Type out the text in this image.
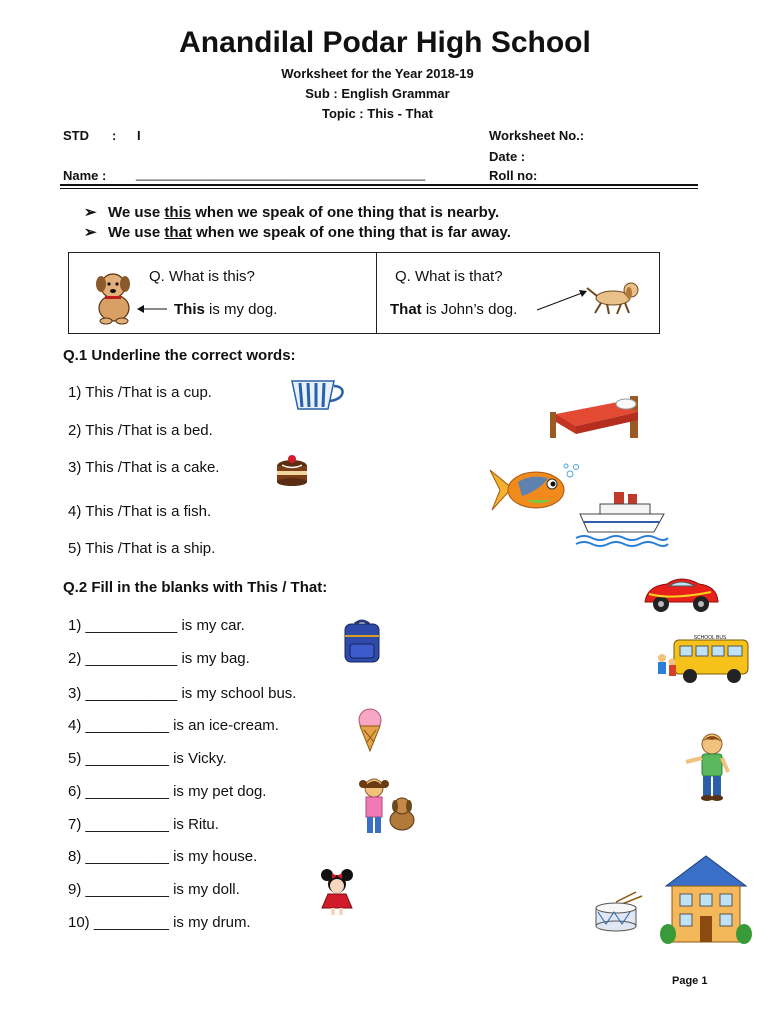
Anandilal Podar High School
Worksheet for the Year 2018-19
Sub : English Grammar
Topic : This - That
STD : I	Worksheet No.:
Date :
Name : ________________________________________	Roll no:
➢ We use this when we speak of one thing that is nearby.
➢ We use that when we speak of one thing that is far away.
Q. What is this?
This is my dog.
Q. What is that?
That is John’s dog.
Q.1 Underline the correct words:
1) This /That is a cup.
2) This /That is a bed.
3) This /That is a cake.
4) This /That is a fish.
5) This /That is a ship.
Q.2 Fill in the blanks with This / That:
1) ___________ is my car.
2) ___________ is my bag.
3) ___________ is my school bus.
4) __________ is an ice-cream.
5) __________ is Vicky.
6) __________ is my pet dog.
7) __________ is Ritu.
8) __________ is my house.
9) __________ is my doll.
10) _________ is my drum.
SCHOOL BUS
Page 1
